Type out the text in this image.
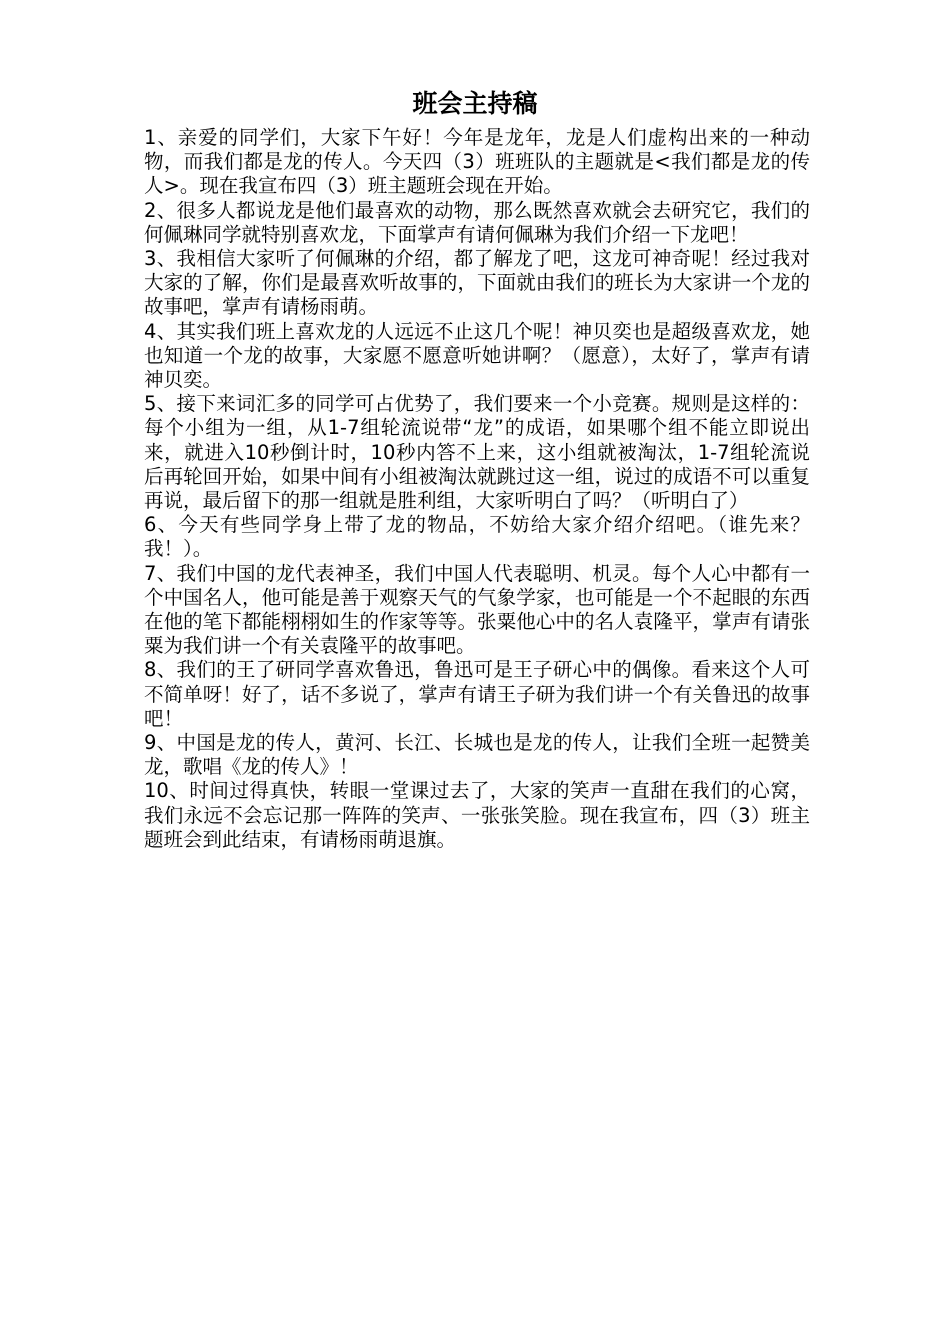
班会主持稿

1、亲爱的同学们，大家下午好！今年是龙年，龙是人们虚构出来的一种动物，而我们都是龙的传人。今天四（3）班班队的主题就是<我们都是龙的传人>。现在我宣布四（3）班主题班会现在开始。

2、很多人都说龙是他们最喜欢的动物，那么既然喜欢就会去研究它，我们的何佩琳同学就特别喜欢龙，下面掌声有请何佩琳为我们介绍一下龙吧！

3、我相信大家听了何佩琳的介绍，都了解龙了吧，这龙可神奇呢！经过我对大家的了解，你们是最喜欢听故事的，下面就由我们的班长为大家讲一个龙的故事吧，掌声有请杨雨萌。

4、其实我们班上喜欢龙的人远远不止这几个呢！神贝奕也是超级喜欢龙，她也知道一个龙的故事，大家愿不愿意听她讲啊？（愿意），太好了，掌声有请神贝奕。

5、接下来词汇多的同学可占优势了，我们要来一个小竞赛。规则是这样的：每个小组为一组，从1-7组轮流说带“龙”的成语，如果哪个组不能立即说出来，就进入10秒倒计时，10秒内答不上来，这小组就被淘汰，1-7组轮流说后再轮回开始，如果中间有小组被淘汰就跳过这一组，说过的成语不可以重复再说，最后留下的那一组就是胜利组，大家听明白了吗？（听明白了）

6、今天有些同学身上带了龙的物品，不妨给大家介绍介绍吧。（谁先来？我！）。

7、我们中国的龙代表神圣，我们中国人代表聪明、机灵。每个人心中都有一个中国名人，他可能是善于观察天气的气象学家，也可能是一个不起眼的东西在他的笔下都能栩栩如生的作家等等。张粟他心中的名人袁隆平，掌声有请张粟为我们讲一个有关袁隆平的故事吧。

8、我们的王了研同学喜欢鲁迅，鲁迅可是王子研心中的偶像。看来这个人可不简单呀！好了，话不多说了，掌声有请王子研为我们讲一个有关鲁迅的故事吧！

9、中国是龙的传人，黄河、长江、长城也是龙的传人，让我们全班一起赞美龙，歌唱《龙的传人》！

10、时间过得真快，转眼一堂课过去了，大家的笑声一直甜在我们的心窝，我们永远不会忘记那一阵阵的笑声、一张张笑脸。现在我宣布，四（3）班主题班会到此结束，有请杨雨萌退旗。
